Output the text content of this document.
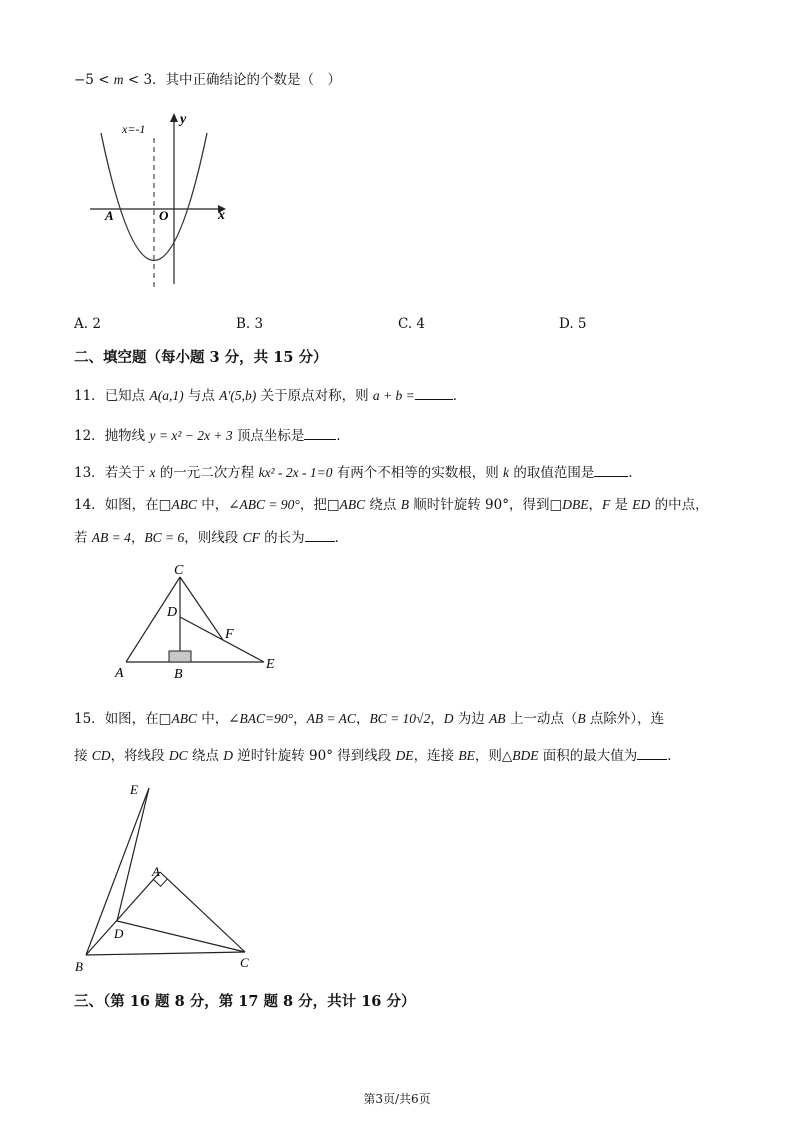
−5 < m < 3．其中正确结论的个数是（　）
x=-1
y
x
A	O
A. 2	B. 3	C. 4	D. 5
二、填空题（每小题 3 分，共 15 分）
11．已知点 A(a,1) 与点 A′(5,b) 关于原点对称，则 a + b =	．
12．抛物线 y = x² − 2x + 3 顶点坐标是 ．
13．若关于 x 的一元二次方程 kx² - 2x - 1=0 有两个不相等的实数根，则 k 的取值范围是	．
14．如图，在□ABC 中，∠ABC = 90°，把□ABC 绕点 B 顺时针旋转 90°，得到□DBE，F 是 ED 的中点，
若 AB = 4，BC = 6，则线段 CF 的长为 ．
C
D
F
A	B
E
15．如图，在□ABC 中，∠BAC=90°，AB = AC，BC = 10√2，D 为边 AB 上一动点（B 点除外），连
接 CD，将线段 DC 绕点 D 逆时针旋转 90° 得到线段 DE，连接 BE，则△BDE 面积的最大值为 ．
E
A
D
B	C
三、（第 16 题 8 分，第 17 题 8 分，共计 16 分）
第3页/共6页
